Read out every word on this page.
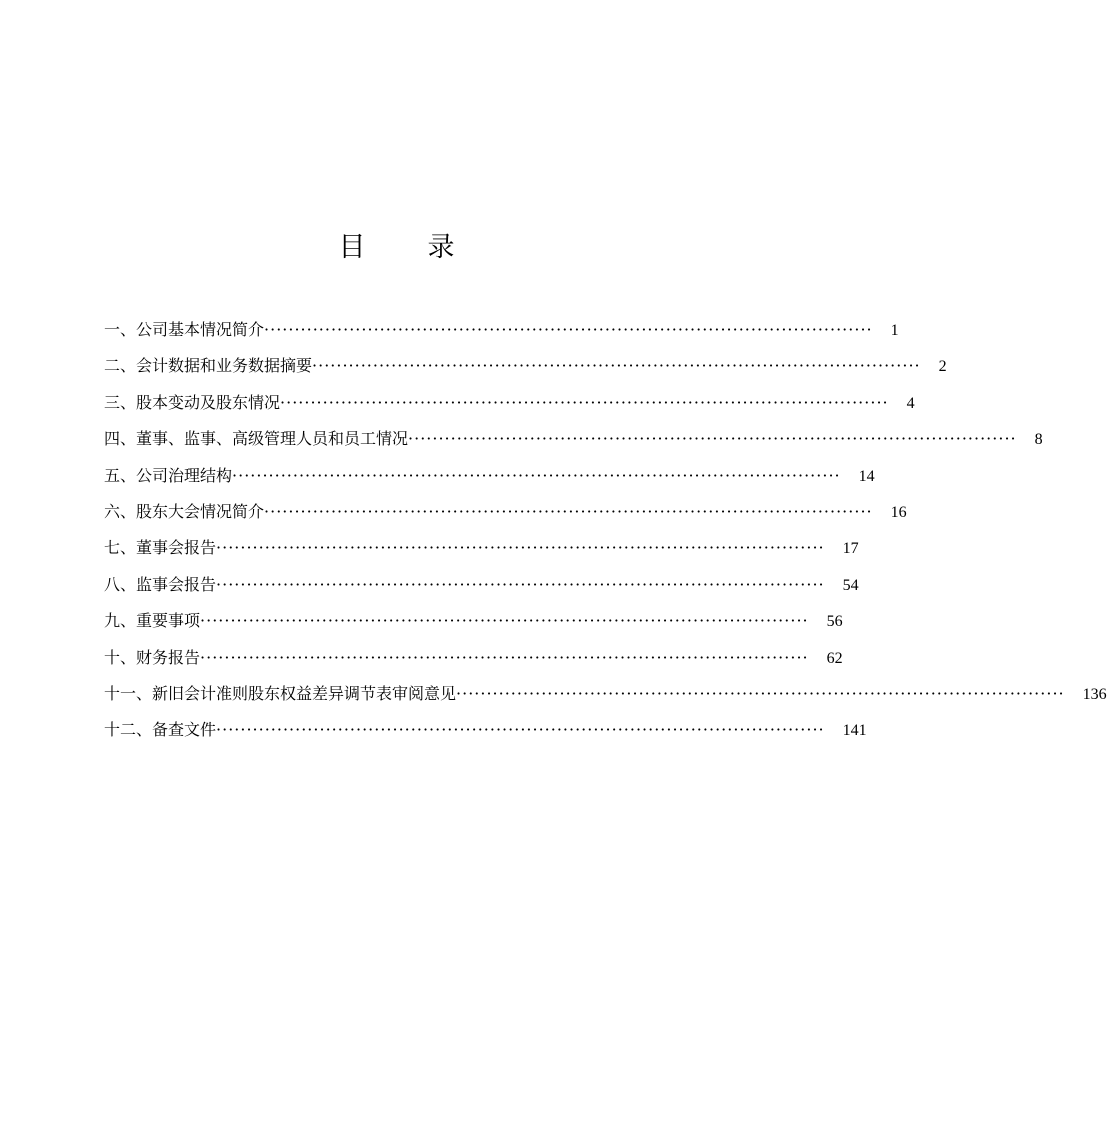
目 录
一、公司基本情况简介 ···································································································· 1
二、会计数据和业务数据摘要 ···································································································· 2
三、股本变动及股东情况 ···································································································· 4
四、董事、监事、高级管理人员和员工情况 ···································································································· 8
五、公司治理结构 ···································································································· 14
六、股东大会情况简介 ···································································································· 16
七、董事会报告 ···································································································· 17
八、监事会报告 ···································································································· 54
九、重要事项 ···································································································· 56
十、财务报告 ···································································································· 62
十一、新旧会计准则股东权益差异调节表审阅意见 ···································································································· 136
十二、备查文件 ···································································································· 141
